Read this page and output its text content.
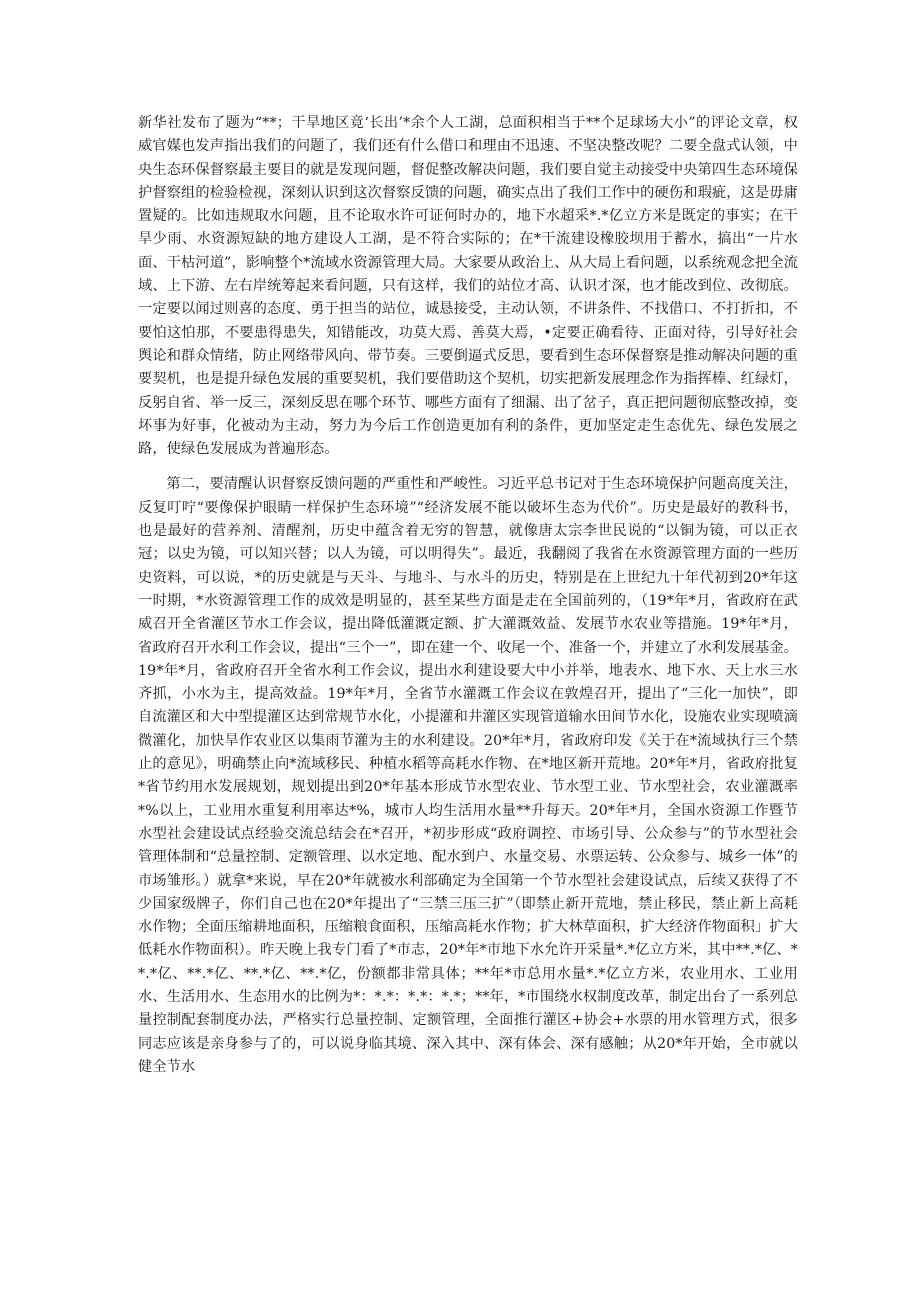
新华社发布了题为“**；干旱地区竟‘长出’*余个人工湖，总面积相当于**个足球场大小”的评论文章，权威官媒也发声指出我们的问题了，我们还有什么借口和理由不迅速、不坚决整改呢？二要全盘式认领，中央生态环保督察最主要目的就是发现问题，督促整改解决问题，我们要自觉主动接受中央第四生态环境保护督察组的检验检视，深刻认识到这次督察反馈的问题，确实点出了我们工作中的硬伤和瑕疵，这是毋庸置疑的。比如违规取水问题，且不论取水许可证何时办的，地下水超采*.*亿立方米是既定的事实；在干旱少雨、水资源短缺的地方建设人工湖，是不符合实际的；在*干流建设橡胶坝用于蓄水，搞出“一片水面、干枯河道”，影响整个*流域水资源管理大局。大家要从政治上、从大局上看问题，以系统观念把全流域、上下游、左右岸统筹起来看问题，只有这样，我们的站位才高、认识才深，也才能改到位、改彻底。一定要以闻过则喜的态度、勇于担当的站位，诚恳接受，主动认领，不讲条件、不找借口、不打折扣，不要怕这怕那，不要患得患失，知错能改，功莫大焉、善莫大焉，•定要正确看待、正面对待，引导好社会舆论和群众情绪，防止网络带风向、带节奏。三要倒逼式反思，要看到生态环保督察是推动解决问题的重要契机，也是提升绿色发展的重要契机，我们要借助这个契机，切实把新发展理念作为指挥棒、红绿灯，反躬自省、举一反三，深刻反思在哪个环节、哪些方面有了细漏、出了岔子，真正把问题彻底整改掉，变坏事为好事，化被动为主动，努力为今后工作创造更加有利的条件，更加坚定走生态优先、绿色发展之路，使绿色发展成为普遍形态。

第二，要清醒认识督察反馈问题的严重性和严峻性。习近平总书记对于生态环境保护问题高度关注，反复叮咛“要像保护眼睛一样保护生态环境”“经济发展不能以破坏生态为代价”。历史是最好的教科书，也是最好的营养剂、清醒剂，历史中蕴含着无穷的智慧，就像唐太宗李世民说的“以铜为镜，可以正衣冠；以史为镜，可以知兴替；以人为镜，可以明得失”。最近，我翻阅了我省在水资源管理方面的一些历史资料，可以说，*的历史就是与天斗、与地斗、与水斗的历史，特别是在上世纪九十年代初到20*年这一时期，*水资源管理工作的成效是明显的，甚至某些方面是走在全国前列的，（19*年*月，省政府在武威召开全省灌区节水工作会议，提出降低灌溉定额、扩大灌溉效益、发展节水农业等措施。19*年*月，省政府召开水利工作会议，提出“三个一”，即在建一个、收尾一个、准备一个，并建立了水利发展基金。19*年*月，省政府召开全省水利工作会议，提出水利建设要大中小并举，地表水、地下水、天上水三水齐抓，小水为主，提高效益。19*年*月，全省节水灌溉工作会议在敦煌召开，提出了“三化一加快”，即自流灌区和大中型提灌区达到常规节水化，小提灌和井灌区实现管道输水田间节水化，设施农业实现喷滴微灌化，加快旱作农业区以集雨节灌为主的水利建设。20*年*月，省政府印发《关于在*流域执行三个禁止的意见》，明确禁止向*流域移民、种植水稻等高耗水作物、在*地区新开荒地。20*年*月，省政府批复*省节约用水发展规划，规划提出到20*年基本形成节水型农业、节水型工业、节水型社会，农业灌溉率*%以上，工业用水重复利用率达*%，城市人均生活用水量**升每天。20*年*月，全国水资源工作暨节水型社会建设试点经验交流总结会在*召开，*初步形成“政府调控、市场引导、公众参与”的节水型社会管理体制和“总量控制、定额管理、以水定地、配水到户、水量交易、水票运转、公众参与、城乡一体”的市场雏形。）就拿*来说，早在20*年就被水利部确定为全国第一个节水型社会建设试点，后续又获得了不少国家级牌子，你们自己也在20*年提出了“三禁三压三扩”（即禁止新开荒地，禁止移民，禁止新上高耗水作物；全面压缩耕地面积，压缩粮食面积，压缩高耗水作物；扩大林草面积，扩大经济作物面积」扩大低耗水作物面积）。昨天晚上我专门看了*市志，20*年*市地下水允许开采量*.*亿立方米，其中**.*亿、**.*亿、**.*亿、**.*亿、**.*亿，份额都非常具体；**年*市总用水量*.*亿立方米，农业用水、工业用水、生活用水、生态用水的比例为*：*.*：*.*：*.*；**年，*市围绕水权制度改革，制定出台了一系列总量控制配套制度办法，严格实行总量控制、定额管理，全面推行灌区+协会+水票的用水管理方式，很多同志应该是亲身参与了的，可以说身临其境、深入其中、深有体会、深有感触；从20*年开始，全市就以健全节水
